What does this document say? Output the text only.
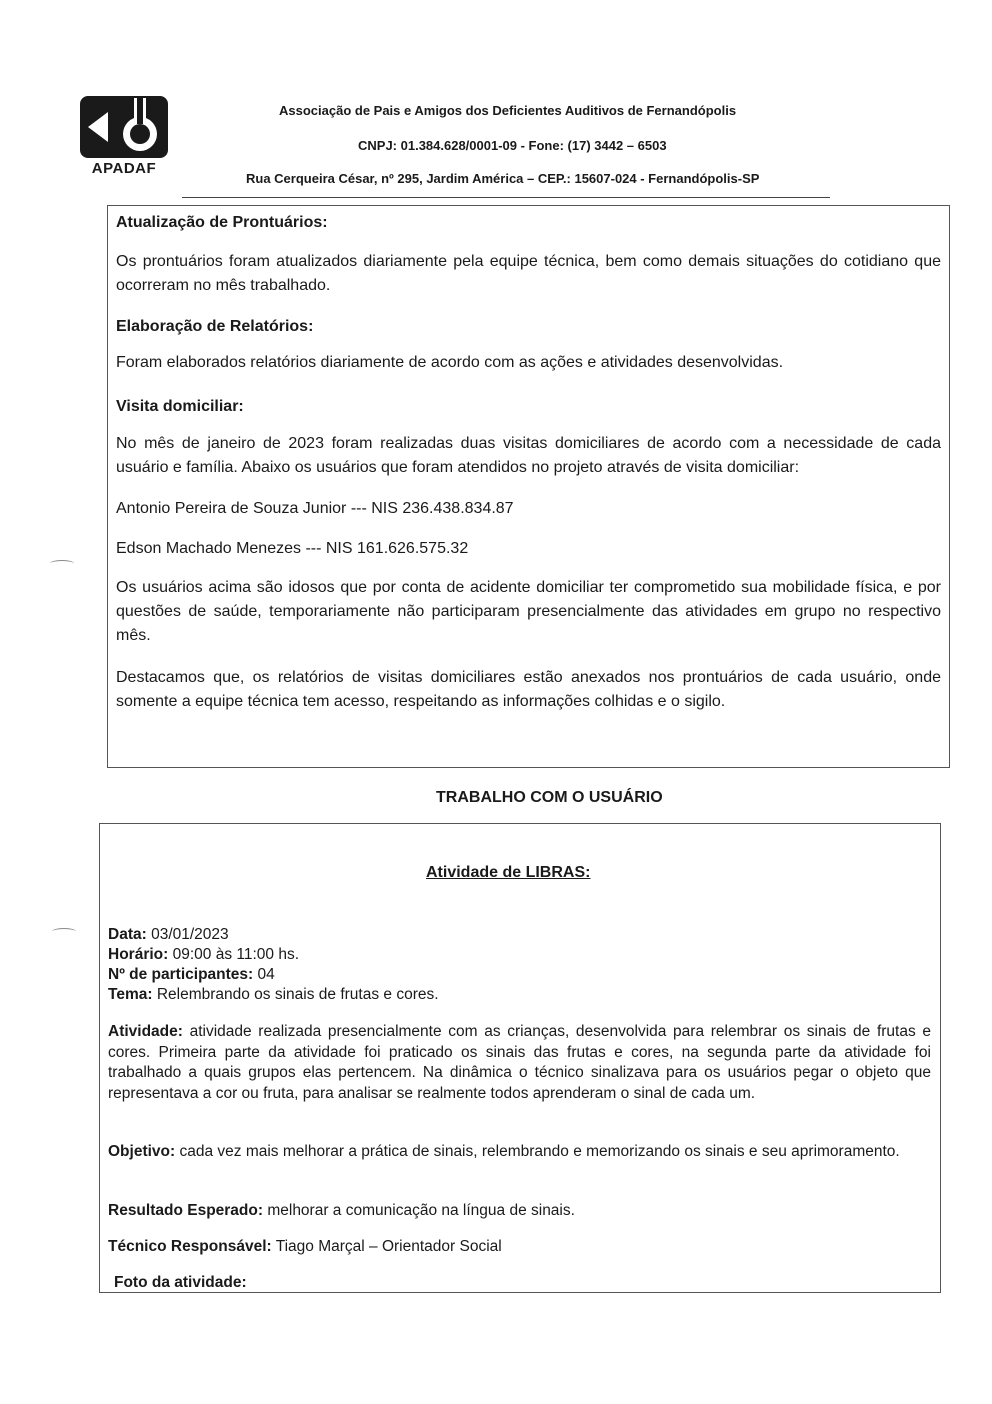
APADAF
Associação de Pais e Amigos dos Deficientes Auditivos de Fernandópolis
CNPJ: 01.384.628/0001-09 - Fone: (17) 3442 – 6503
Rua Cerqueira César, nº 295, Jardim América – CEP.: 15607-024 - Fernandópolis-SP
Atualização de Prontuários:
Os prontuários foram atualizados diariamente pela equipe técnica, bem como demais situações do cotidiano que ocorreram no mês trabalhado.
Elaboração de Relatórios:
Foram elaborados relatórios diariamente de acordo com as ações e atividades desenvolvidas.
Visita domiciliar:
No mês de janeiro de 2023 foram realizadas duas visitas domiciliares de acordo com a necessidade de cada usuário e família. Abaixo os usuários que foram atendidos no projeto através de visita domiciliar:
Antonio Pereira de Souza Junior --- NIS 236.438.834.87
Edson Machado Menezes --- NIS 161.626.575.32
Os usuários acima são idosos que por conta de acidente domiciliar ter comprometido sua mobilidade física, e por questões de saúde, temporariamente não participaram presencialmente das atividades em grupo no respectivo mês.
Destacamos que, os relatórios de visitas domiciliares estão anexados nos prontuários de cada usuário, onde somente a equipe técnica tem acesso, respeitando as informações colhidas e o sigilo.
TRABALHO COM O USUÁRIO
Atividade de LIBRAS:
Data: 03/01/2023
Horário: 09:00 às 11:00 hs.
Nº de participantes: 04
Tema: Relembrando os sinais de frutas e cores.
Atividade: atividade realizada presencialmente com as crianças, desenvolvida para relembrar os sinais de frutas e cores. Primeira parte da atividade foi praticado os sinais das frutas e cores, na segunda parte da atividade foi trabalhado a quais grupos elas pertencem. Na dinâmica o técnico sinalizava para os usuários pegar o objeto que representava a cor ou fruta, para analisar se realmente todos aprenderam o sinal de cada um.
Objetivo: cada vez mais melhorar a prática de sinais, relembrando e memorizando os sinais e seu aprimoramento.
Resultado Esperado: melhorar a comunicação na língua de sinais.
Técnico Responsável: Tiago Marçal – Orientador Social
Foto da atividade:
